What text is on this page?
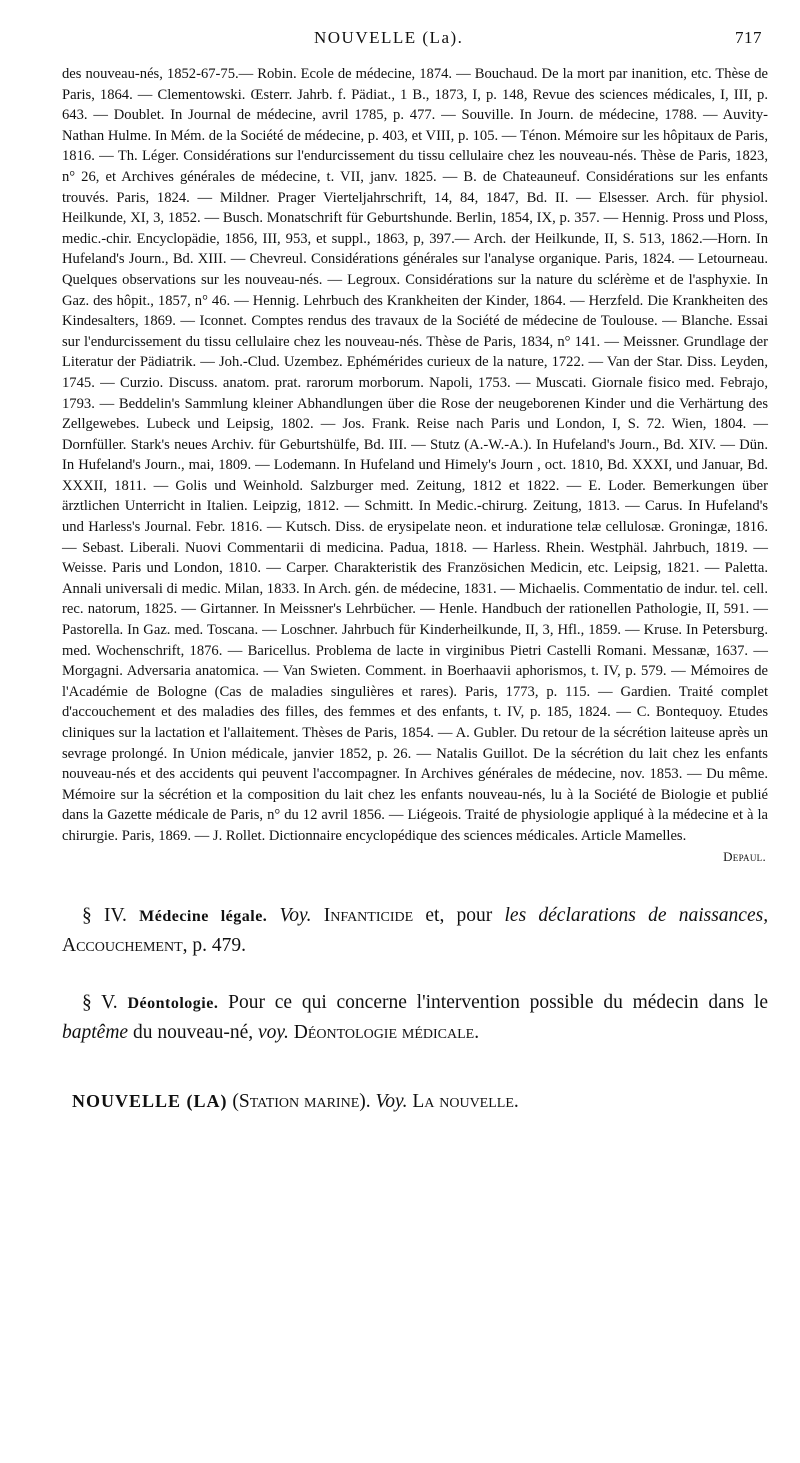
NOUVELLE (La).	717

des nouveau-nés, 1852-67-75.— Robin. Ecole de médecine, 1874. — Bouchaud. De la mort par inanition, etc. Thèse de Paris, 1864. — Clementowski. Œsterr. Jahrb. f. Pädiat., 1 B., 1873, I, p. 148, Revue des sciences médicales, I, III, p. 643. — Doublet. In Journal de médecine, avril 1785, p. 477. — Souville. In Journ. de médecine, 1788. — Auvity-Nathan Hulme. In Mém. de la Société de médecine, p. 403, et VIII, p. 105. — Ténon. Mémoire sur les hôpitaux de Paris, 1816. — Th. Léger. Considérations sur l'endurcissement du tissu cellulaire chez les nouveau-nés. Thèse de Paris, 1823, n° 26, et Archives générales de médecine, t. VII, janv. 1825. — B. de Chateauneuf. Considérations sur les enfants trouvés. Paris, 1824. — Mildner. Prager Vierteljahrschrift, 14, 84, 1847, Bd. II. — Elsesser. Arch. für physiol. Heilkunde, XI, 3, 1852. — Busch. Monatschrift für Geburtshunde. Berlin, 1854, IX, p. 357. — Hennig. Pross und Ploss, medic.-chir. Encyclopädie, 1856, III, 953, et suppl., 1863, p, 397.— Arch. der Heilkunde, II, S. 513, 1862.—Horn. In Hufeland's Journ., Bd. XIII. — Chevreul. Considérations générales sur l'analyse organique. Paris, 1824. — Letourneau. Quelques observations sur les nouveau-nés. — Legroux. Considérations sur la nature du sclérème et de l'asphyxie. In Gaz. des hôpit., 1857, n° 46. — Hennig. Lehrbuch des Krankheiten der Kinder, 1864. — Herzfeld. Die Krankheiten des Kindesalters, 1869. — Iconnet. Comptes rendus des travaux de la Société de médecine de Toulouse. — Blanche. Essai sur l'endurcissement du tissu cellulaire chez les nouveau-nés. Thèse de Paris, 1834, n° 141. — Meissner. Grundlage der Literatur der Pädiatrik. — Joh.-Clud. Uzembez. Ephémérides curieux de la nature, 1722. — Van der Star. Diss. Leyden, 1745. — Curzio. Discuss. anatom. prat. rarorum morborum. Napoli, 1753. — Muscati. Giornale fisico med. Febrajo, 1793. — Beddelin's Sammlung kleiner Abhandlungen über die Rose der neugeborenen Kinder und die Verhärtung des Zellgewebes. Lubeck und Leipsig, 1802. — Jos. Frank. Reise nach Paris und London, I, S. 72. Wien, 1804. — Dornfüller. Stark's neues Archiv. für Geburtshülfe, Bd. III. — Stutz (A.-W.-A.). In Hufeland's Journ., Bd. XIV. — Dün. In Hufeland's Journ., mai, 1809. — Lodemann. In Hufeland und Himely's Journ , oct. 1810, Bd. XXXI, und Januar, Bd. XXXII, 1811. — Golis und Weinhold. Salzburger med. Zeitung, 1812 et 1822. — E. Loder. Bemerkungen über ärztlichen Unterricht in Italien. Leipzig, 1812. — Schmitt. In Medic.-chirurg. Zeitung, 1813. — Carus. In Hufeland's und Harless's Journal. Febr. 1816. — Kutsch. Diss. de erysipelate neon. et induratione telæ cellulosæ. Groningæ, 1816. — Sebast. Liberali. Nuovi Commentarii di medicina. Padua, 1818. — Harless. Rhein. Westphäl. Jahrbuch, 1819. — Weisse. Paris und London, 1810. — Carper. Charakteristik des Französichen Medicin, etc. Leipsig, 1821. — Paletta. Annali universali di medic. Milan, 1833. In Arch. gén. de médecine, 1831. — Michaelis. Commentatio de indur. tel. cell. rec. natorum, 1825. — Girtanner. In Meissner's Lehrbücher. — Henle. Handbuch der rationellen Pathologie, II, 591. — Pastorella. In Gaz. med. Toscana. — Loschner. Jahrbuch für Kinderheilkunde, II, 3, Hfl., 1859. — Kruse. In Petersburg. med. Wochenschrift, 1876. — Baricellus. Problema de lacte in virginibus Pietri Castelli Romani. Messanæ, 1637. — Morgagni. Adversaria anatomica. — Van Swieten. Comment. in Boerhaavii aphorismos, t. IV, p. 579. — Mémoires de l'Académie de Bologne (Cas de maladies singulières et rares). Paris, 1773, p. 115. — Gardien. Traité complet d'accouchement et des maladies des filles, des femmes et des enfants, t. IV, p. 185, 1824. — C. Bontequoy. Etudes cliniques sur la lactation et l'allaitement. Thèses de Paris, 1854. — A. Gubler. Du retour de la sécrétion laiteuse après un sevrage prolongé. In Union médicale, janvier 1852, p. 26. — Natalis Guillot. De la sécrétion du lait chez les enfants nouveau-nés et des accidents qui peuvent l'accompagner. In Archives générales de médecine, nov. 1853. — Du même. Mémoire sur la sécrétion et la composition du lait chez les enfants nouveau-nés, lu à la Société de Biologie et publié dans la Gazette médicale de Paris, n° du 12 avril 1856. — Liégeois. Traité de physiologie appliqué à la médecine et à la chirurgie. Paris, 1869. — J. Rollet. Dictionnaire encyclopédique des sciences médicales. Article Mamelles.

Depaul.
§ IV. Médecine légale. Voy. Infanticide et, pour les déclarations de naissances, Accouchement, p. 479.
§ V. Déontologie. Pour ce qui concerne l'intervention possible du médecin dans le baptême du nouveau-né, voy. Déontologie médicale.
NOUVELLE (LA) (Station marine). Voy. La nouvelle.
